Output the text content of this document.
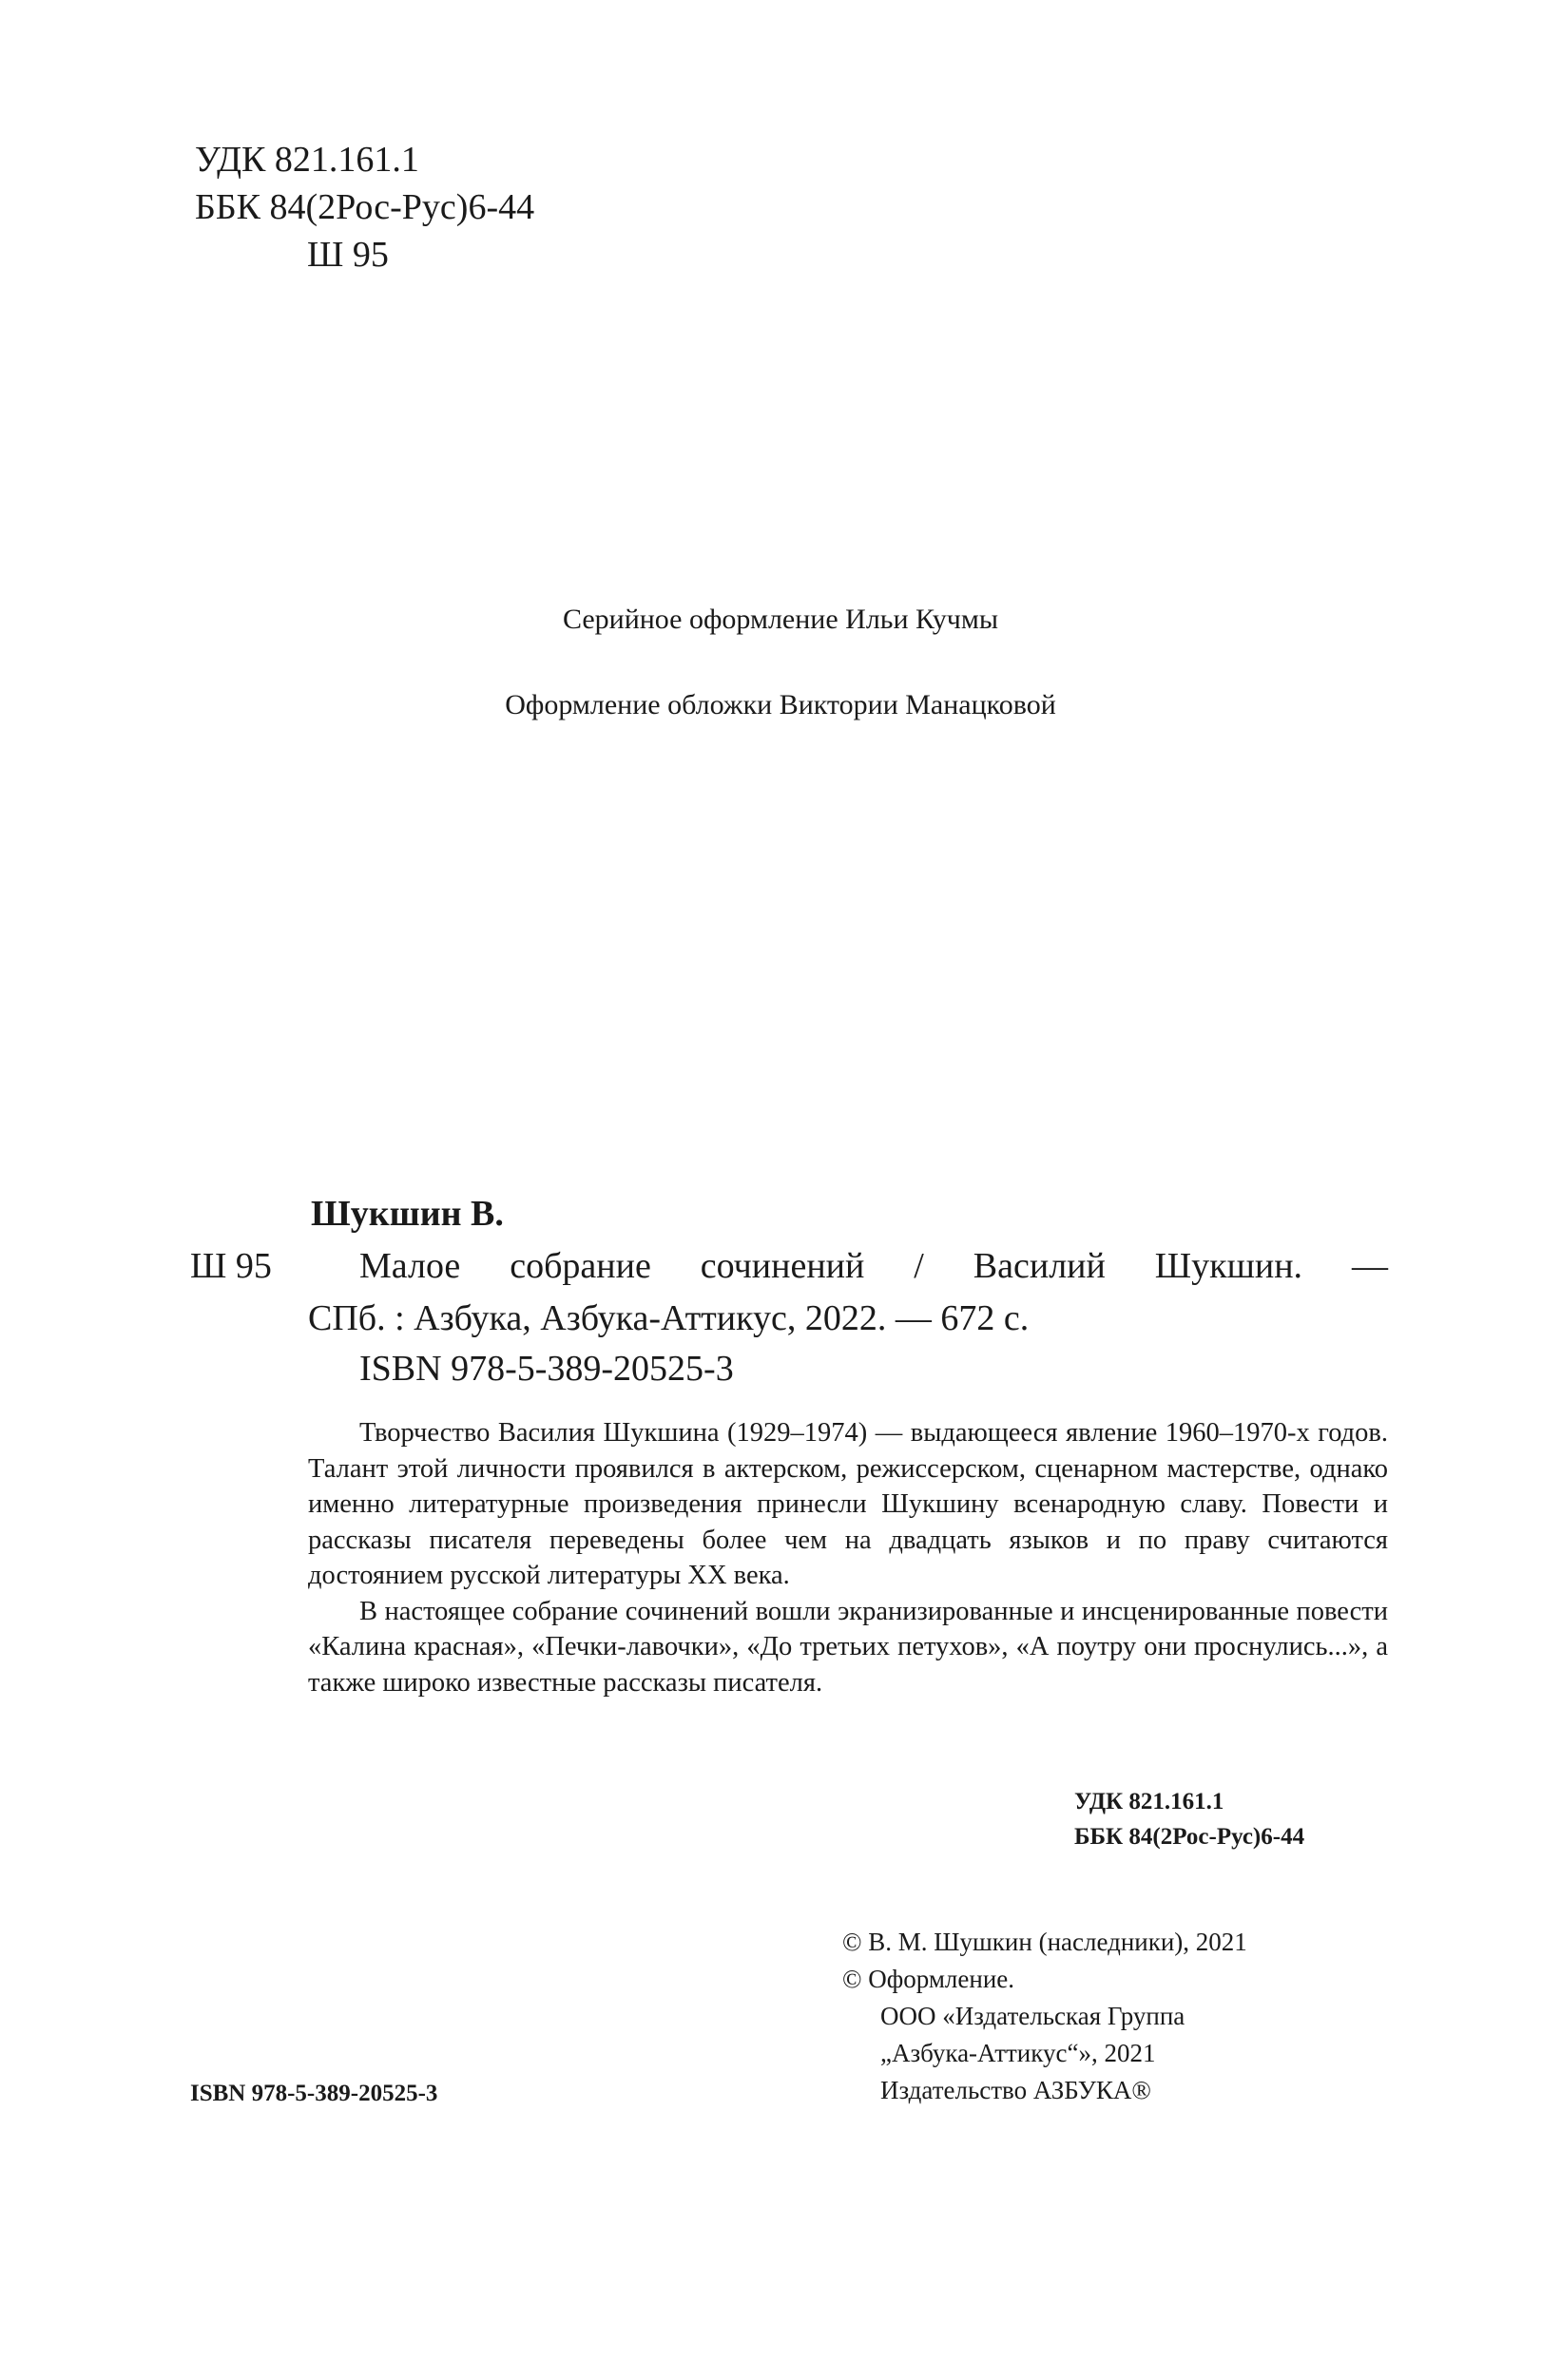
УДК 821.161.1
ББК 84(2Рос-Рус)6-44
Ш 95
Серийное оформление Ильи Кучмы
Оформление обложки Виктории Манацковой
Шукшин В.
Ш 95 Малое собрание сочинений / Василий Шукшин. —
СПб. : Азбука, Азбука-Аттикус, 2022. — 672 с.
ISBN 978-5-389-20525-3

Творчество Василия Шукшина (1929–1974) — выдающееся явление 1960–1970-х годов. Талант этой личности проявился в актерском, режиссерском, сценарном мастерстве, однако именно литературные произведения принесли Шукшину всенародную славу. Повести и рассказы писателя переведены более чем на двадцать языков и по праву считаются достоянием русской литературы XX века.

В настоящее собрание сочинений вошли экранизированные и инсценированные повести «Калина красная», «Печки-лавочки», «До третьих петухов», «А поутру они проснулись...», а также широко известные рассказы писателя.

УДК 821.161.1
ББК 84(2Рос-Рус)6-44
ISBN 978-5-389-20525-3
© В. М. Шушкин (наследники), 2021
© Оформление.
ООО «Издательская Группа
„Азбука-Аттикус“», 2021
Издательство АЗБУКА®
